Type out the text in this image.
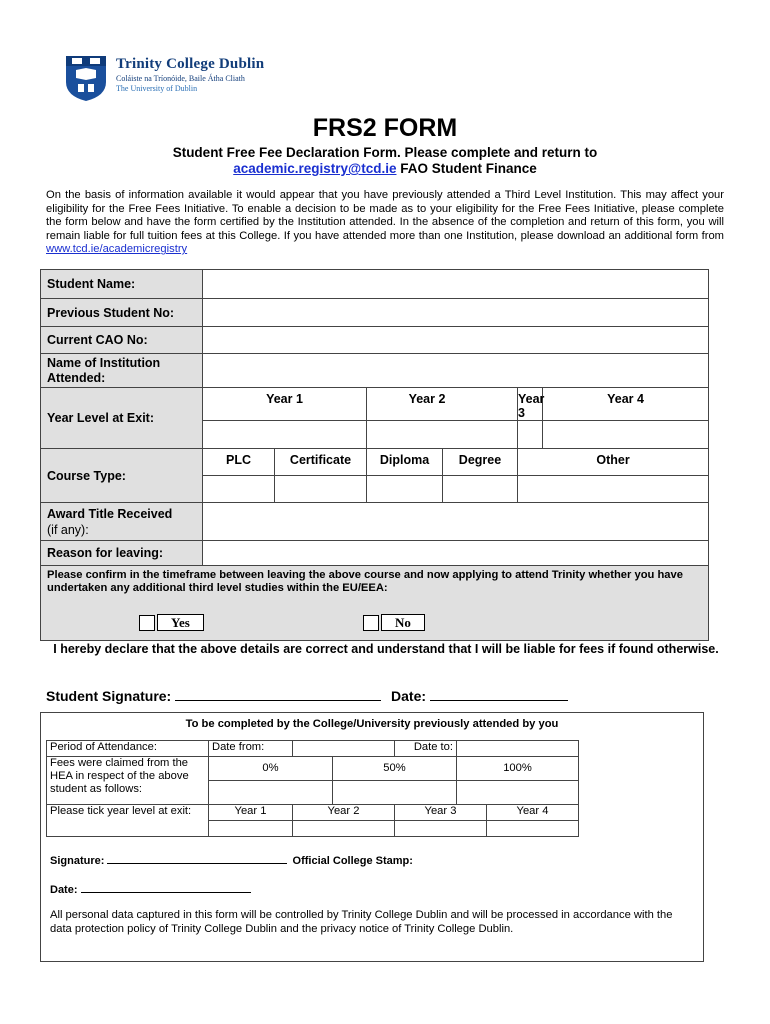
Trinity College Dublin
Coláiste na Tríonóide, Baile Átha Cliath
The University of Dublin
FRS2 FORM
Student Free Fee Declaration Form. Please complete and return to
academic.registry@tcd.ie FAO Student Finance
On the basis of information available it would appear that you have previously attended a Third Level Institution. This may affect your eligibility for the Free Fees Initiative. To enable a decision to be made as to your eligibility for the Free Fees Initiative, please complete the form below and have the form certified by the Institution attended. In the absence of the completion and return of this form, you will remain liable for full tuition fees at this College. If you have attended more than one Institution, please download an additional form from www.tcd.ie/academicregistry
Student Name:						
Previous Student No:						
Current CAO No:						
Name of Institution Attended:						
Year Level at Exit:	Year 1		Year 2		Year 3	Year 4

Course Type:	PLC	Certificate	Diploma	Degree	Other	

Award Title Received
(if any):						
Reason for leaving:						
Please confirm in the timeframe between leaving the above course and now applying to attend Trinity whether you have undertaken any additional third level studies within the EU/EEA:
Yes No						
I hereby declare that the above details are correct and understand that I will be liable for fees if found otherwise.
Student Signature:	Date:
To be completed by the College/University previously attended by you
Period of Attendance:	Date from:			Date to:		
Fees were claimed from the HEA in respect of the above student as follows:	0%		50%		100%	

Please tick year level at exit:	Year 1	Year 2		Year 3		Year 4

Signature:	Official College Stamp:
Date:
All personal data captured in this form will be controlled by Trinity College Dublin and will be processed in accordance with the data protection policy of Trinity College Dublin and the privacy notice of Trinity College Dublin.
